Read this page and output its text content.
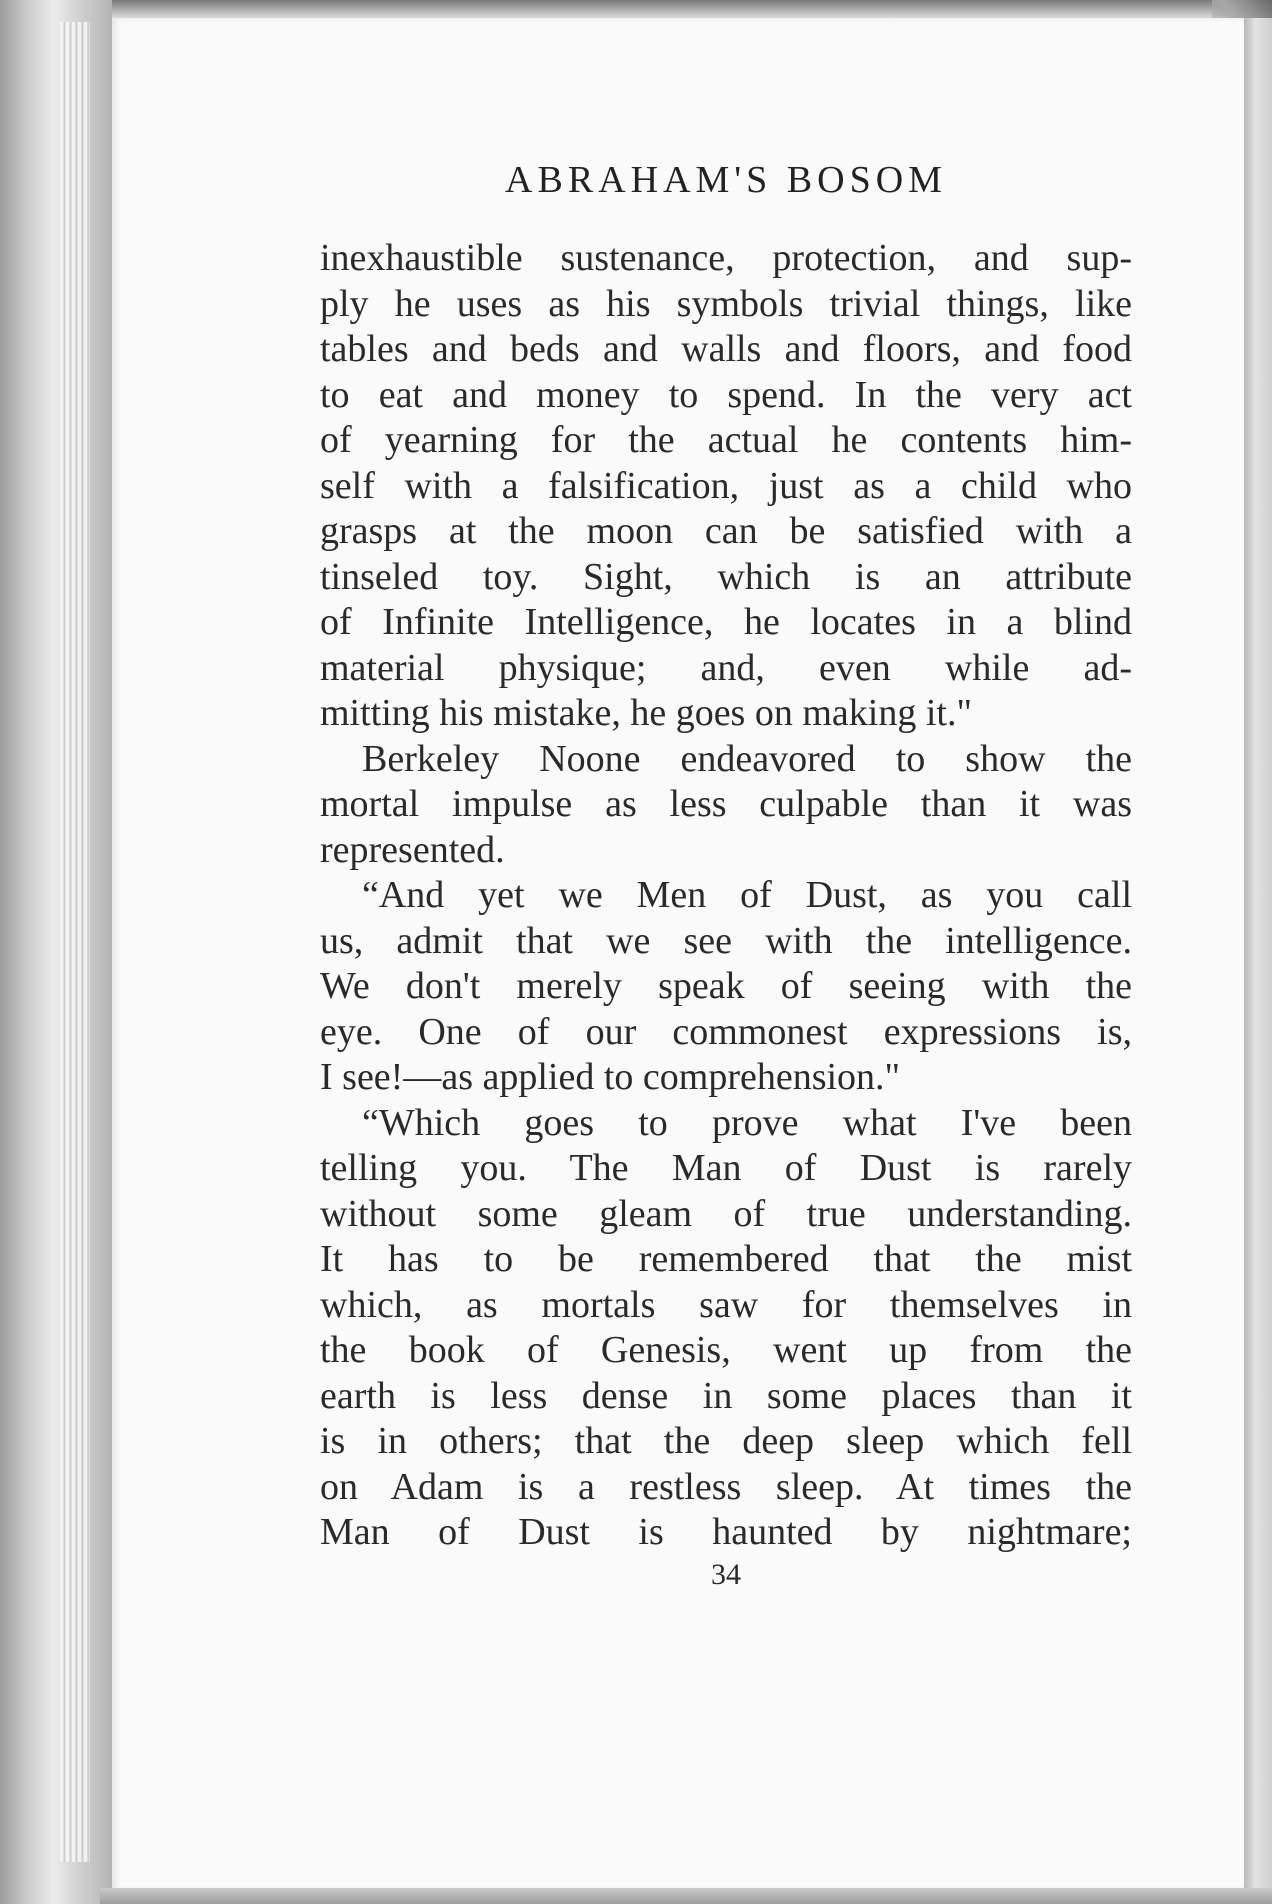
ABRAHAM'S BOSOM
inexhaustible sustenance, protection, and sup-
ply he uses as his symbols trivial things, like
tables and beds and walls and floors, and food
to eat and money to spend. In the very act
of yearning for the actual he contents him-
self with a falsification, just as a child who
grasps at the moon can be satisfied with a
tinseled toy. Sight, which is an attribute
of Infinite Intelligence, he locates in a blind
material physique; and, even while ad-
mitting his mistake, he goes on making it."
Berkeley Noone endeavored to show the
mortal impulse as less culpable than it was
represented.
“And yet we Men of Dust, as you call
us, admit that we see with the intelligence.
We don't merely speak of seeing with the
eye. One of our commonest expressions is,
I see!—as applied to comprehension."
“Which goes to prove what I've been
telling you. The Man of Dust is rarely
without some gleam of true understanding.
It has to be remembered that the mist
which, as mortals saw for themselves in
the book of Genesis, went up from the
earth is less dense in some places than it
is in others; that the deep sleep which fell
on Adam is a restless sleep. At times the
Man of Dust is haunted by nightmare;
34
